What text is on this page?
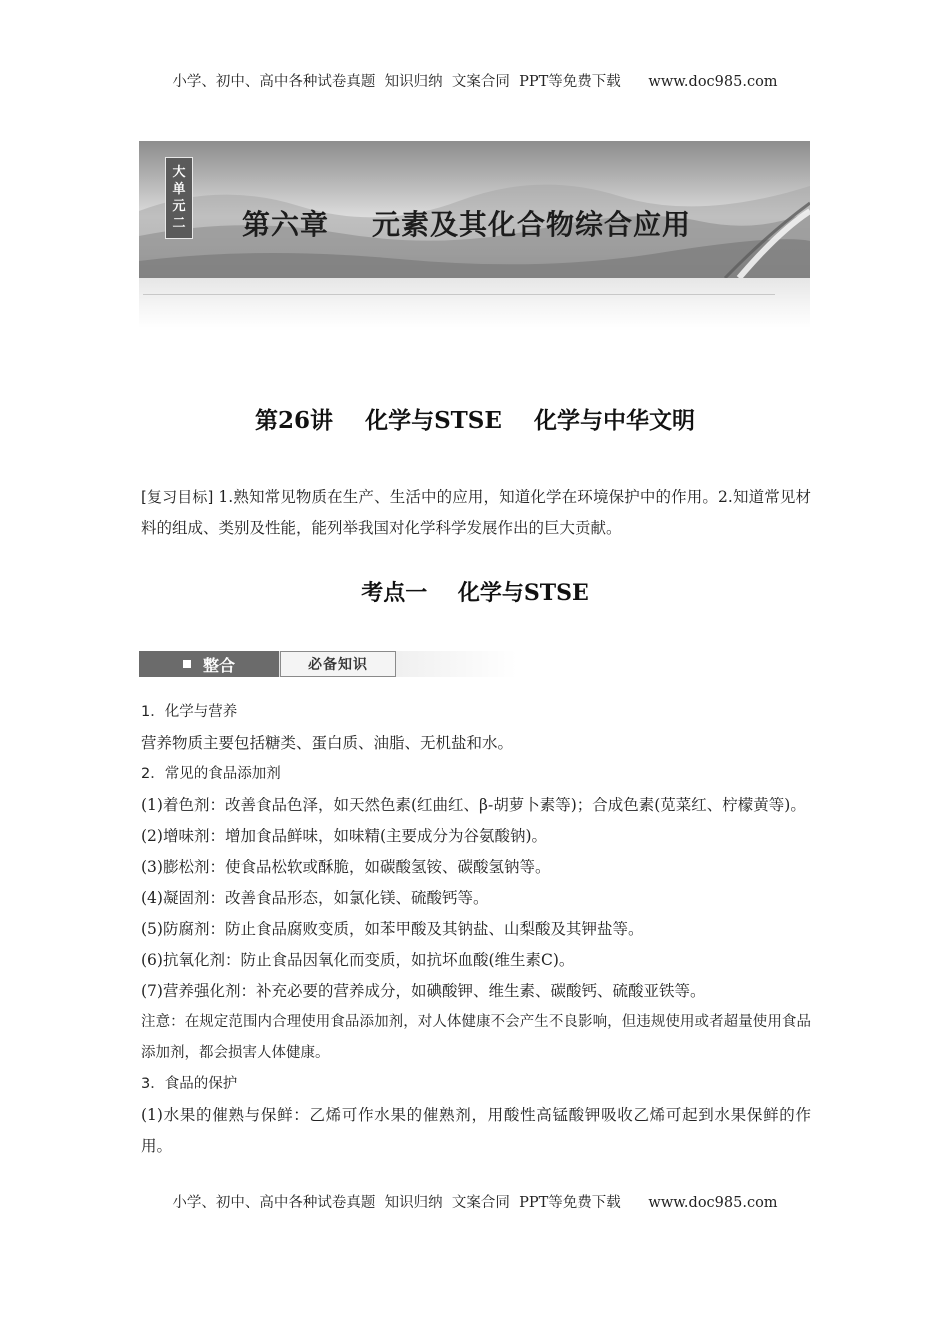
小学、初中、高中各种试卷真题  知识归纳  文案合同  PPT等免费下载      www.doc985.com
大
单
元
二 第六章    元素及其化合物综合应用
第26讲    化学与STSE    化学与中华文明
[复习目标] 1.熟知常见物质在生产、生活中的应用，知道化学在环境保护中的作用。2.知道常见材料的组成、类别及性能，能列举我国对化学科学发展作出的巨大贡献。
考点一    化学与STSE
整合	必备知识
1．化学与营养
营养物质主要包括糖类、蛋白质、油脂、无机盐和水。
2．常见的食品添加剂
(1)着色剂：改善食品色泽，如天然色素(红曲红、β-胡萝卜素等)；合成色素(苋菜红、柠檬黄等)。
(2)增味剂：增加食品鲜味，如味精(主要成分为谷氨酸钠)。
(3)膨松剂：使食品松软或酥脆，如碳酸氢铵、碳酸氢钠等。
(4)凝固剂：改善食品形态，如氯化镁、硫酸钙等。
(5)防腐剂：防止食品腐败变质，如苯甲酸及其钠盐、山梨酸及其钾盐等。
(6)抗氧化剂：防止食品因氧化而变质，如抗坏血酸(维生素C)。
(7)营养强化剂：补充必要的营养成分，如碘酸钾、维生素、碳酸钙、硫酸亚铁等。
注意：在规定范围内合理使用食品添加剂，对人体健康不会产生不良影响，但违规使用或者超量使用食品添加剂，都会损害人体健康。
3．食品的保护
(1)水果的催熟与保鲜：乙烯可作水果的催熟剂，用酸性高锰酸钾吸收乙烯可起到水果保鲜的作用。
小学、初中、高中各种试卷真题  知识归纳  文案合同  PPT等免费下载      www.doc985.com
